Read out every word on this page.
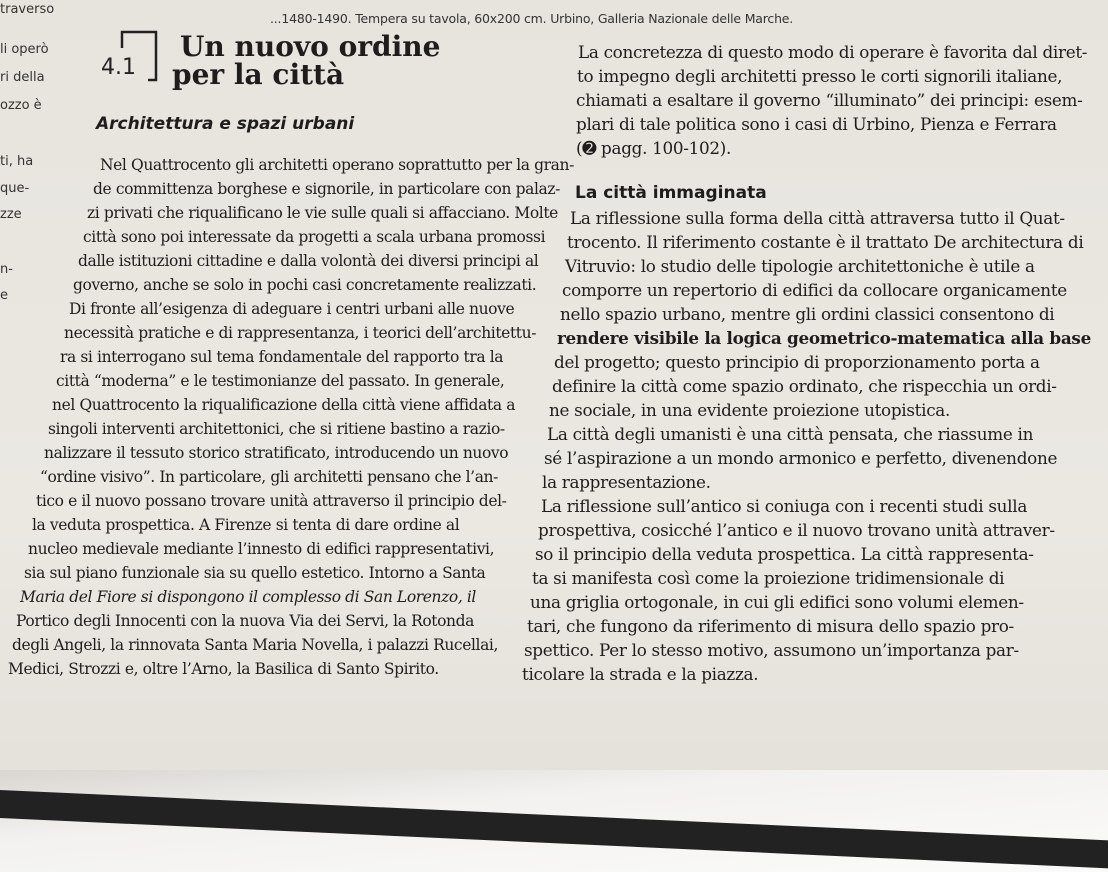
...1480-1490. Tempera su tavola, 60x200 cm. Urbino, Galleria Nazionale delle Marche.
traverso
li operò
ri della
ozzo è
ti, ha
que-
zze
n-
e
4.1
Un nuovo ordine
per la città
Architettura e spazi urbani
Nel Quattrocento gli architetti operano soprattutto per la gran-
de committenza borghese e signorile, in particolare con palaz-
zi privati che riqualificano le vie sulle quali si affacciano. Molte
città sono poi interessate da progetti a scala urbana promossi
dalle istituzioni cittadine e dalla volontà dei diversi principi al
governo, anche se solo in pochi casi concretamente realizzati.
Di fronte all’esigenza di adeguare i centri urbani alle nuove
necessità pratiche e di rappresentanza, i teorici dell’architettu-
ra si interrogano sul tema fondamentale del rapporto tra la
città “moderna” e le testimonianze del passato. In generale,
nel Quattrocento la riqualificazione della città viene affidata a
singoli interventi architettonici, che si ritiene bastino a razio-
nalizzare il tessuto storico stratificato, introducendo un nuovo
“ordine visivo”. In particolare, gli architetti pensano che l’an-
tico e il nuovo possano trovare unità attraverso il principio del-
la veduta prospettica. A Firenze si tenta di dare ordine al
nucleo medievale mediante l’innesto di edifici rappresentativi,
sia sul piano funzionale sia su quello estetico. Intorno a Santa
Maria del Fiore si dispongono il complesso di San Lorenzo, il
Portico degli Innocenti con la nuova Via dei Servi, la Rotonda
degli Angeli, la rinnovata Santa Maria Novella, i palazzi Rucellai,
Medici, Strozzi e, oltre l’Arno, la Basilica di Santo Spirito.
La concretezza di questo modo di operare è favorita dal diret-
to impegno degli architetti presso le corti signorili italiane,
chiamati a esaltare il governo “illuminato” dei principi: esem-
plari di tale politica sono i casi di Urbino, Pienza e Ferrara
(➋ pagg. 100-102).
La città immaginata
La riflessione sulla forma della città attraversa tutto il Quat-
trocento. Il riferimento costante è il trattato De architectura di
Vitruvio: lo studio delle tipologie architettoniche è utile a
comporre un repertorio di edifici da collocare organicamente
nello spazio urbano, mentre gli ordini classici consentono di
rendere visibile la logica geometrico-matematica alla base
del progetto; questo principio di proporzionamento porta a
definire la città come spazio ordinato, che rispecchia un ordi-
ne sociale, in una evidente proiezione utopistica.
La città degli umanisti è una città pensata, che riassume in
sé l’aspirazione a un mondo armonico e perfetto, divenendone
la rappresentazione.
La riflessione sull’antico si coniuga con i recenti studi sulla
prospettiva, cosicché l’antico e il nuovo trovano unità attraver-
so il principio della veduta prospettica. La città rappresenta-
ta si manifesta così come la proiezione tridimensionale di
una griglia ortogonale, in cui gli edifici sono volumi elemen-
tari, che fungono da riferimento di misura dello spazio pro-
spettico. Per lo stesso motivo, assumono un’importanza par-
ticolare la strada e la piazza.
